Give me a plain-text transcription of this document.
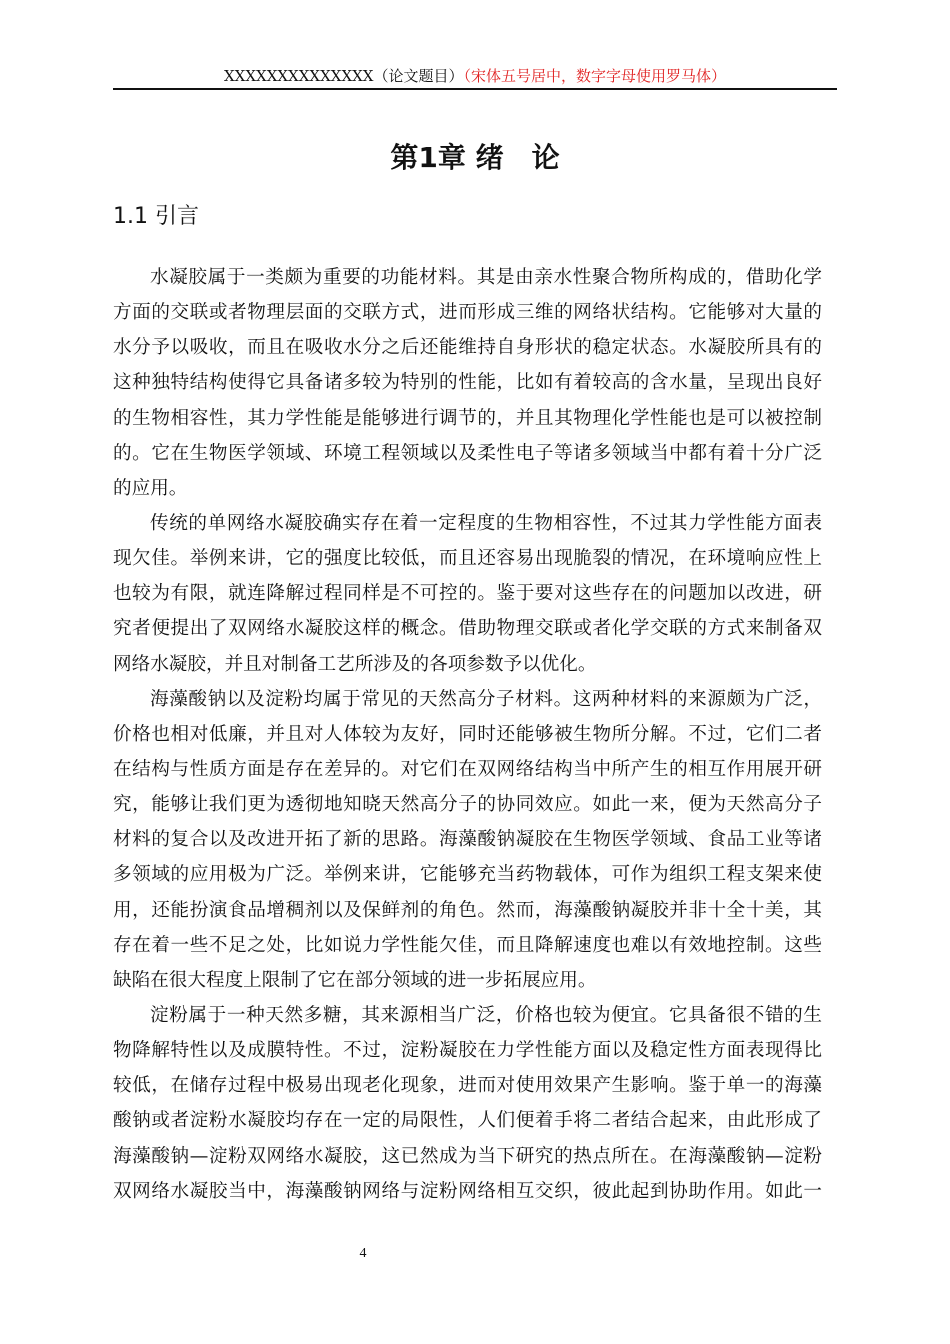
XXXXXXXXXXXXXX（论文题目）（宋体五号居中，数字字母使用罗马体）
第1章 绪　论
1.1 引言
水凝胶属于一类颇为重要的功能材料。其是由亲水性聚合物所构成的，借助化学
方面的交联或者物理层面的交联方式，进而形成三维的网络状结构。它能够对大量的
水分予以吸收，而且在吸收水分之后还能维持自身形状的稳定状态。水凝胶所具有的
这种独特结构使得它具备诸多较为特别的性能，比如有着较高的含水量，呈现出良好
的生物相容性，其力学性能是能够进行调节的，并且其物理化学性能也是可以被控制
的。它在生物医学领域、环境工程领域以及柔性电子等诸多领域当中都有着十分广泛
的应用。
传统的单网络水凝胶确实存在着一定程度的生物相容性，不过其力学性能方面表
现欠佳。举例来讲，它的强度比较低，而且还容易出现脆裂的情况，在环境响应性上
也较为有限，就连降解过程同样是不可控的。鉴于要对这些存在的问题加以改进，研
究者便提出了双网络水凝胶这样的概念。借助物理交联或者化学交联的方式来制备双
网络水凝胶，并且对制备工艺所涉及的各项参数予以优化。
海藻酸钠以及淀粉均属于常见的天然高分子材料。这两种材料的来源颇为广泛，
价格也相对低廉，并且对人体较为友好，同时还能够被生物所分解。不过，它们二者
在结构与性质方面是存在差异的。对它们在双网络结构当中所产生的相互作用展开研
究，能够让我们更为透彻地知晓天然高分子的协同效应。如此一来，便为天然高分子
材料的复合以及改进开拓了新的思路。海藻酸钠凝胶在生物医学领域、食品工业等诸
多领域的应用极为广泛。举例来讲，它能够充当药物载体，可作为组织工程支架来使
用，还能扮演食品增稠剂以及保鲜剂的角色。然而，海藻酸钠凝胶并非十全十美，其
存在着一些不足之处，比如说力学性能欠佳，而且降解速度也难以有效地控制。这些
缺陷在很大程度上限制了它在部分领域的进一步拓展应用。
淀粉属于一种天然多糖，其来源相当广泛，价格也较为便宜。它具备很不错的生
物降解特性以及成膜特性。不过，淀粉凝胶在力学性能方面以及稳定性方面表现得比
较低，在储存过程中极易出现老化现象，进而对使用效果产生影响。鉴于单一的海藻
酸钠或者淀粉水凝胶均存在一定的局限性，人们便着手将二者结合起来，由此形成了
海藻酸钠—淀粉双网络水凝胶，这已然成为当下研究的热点所在。在海藻酸钠—淀粉
双网络水凝胶当中，海藻酸钠网络与淀粉网络相互交织，彼此起到协助作用。如此一
4
